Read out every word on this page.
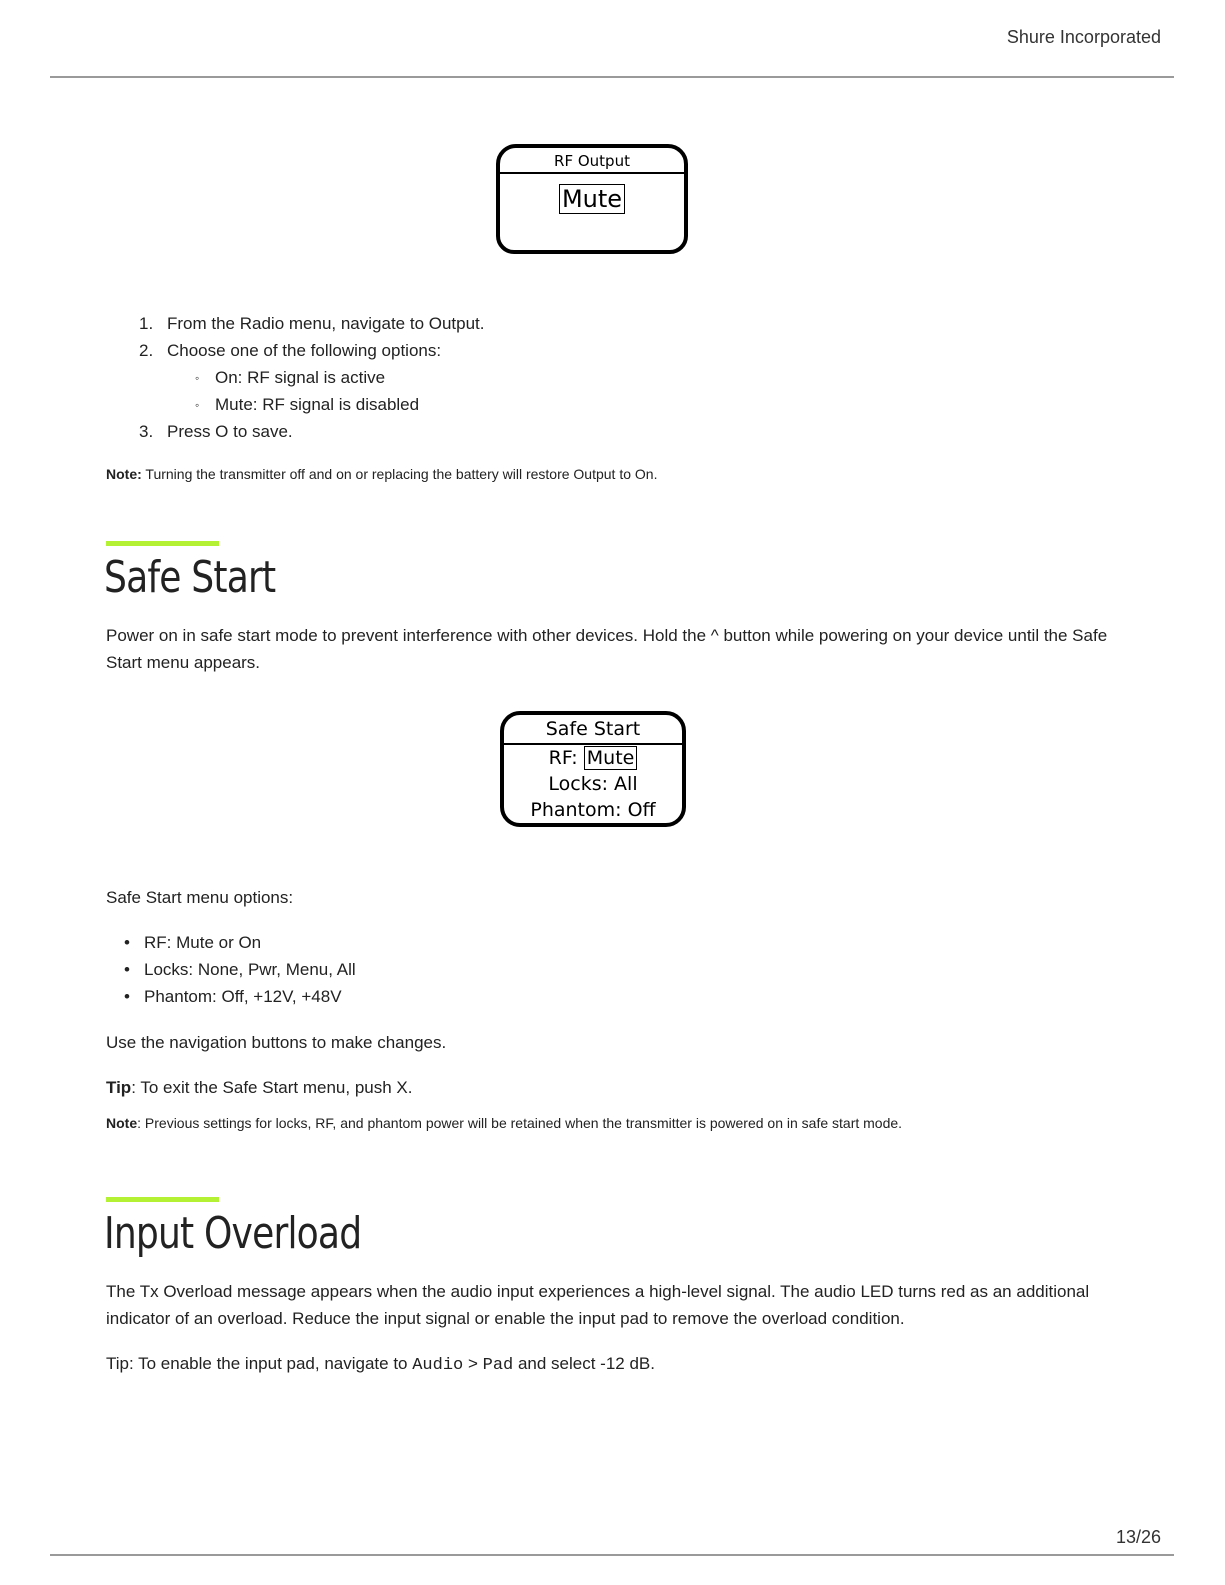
Shure Incorporated
RF Output
Mute
1. From the Radio menu, navigate to Output.
2. Choose one of the following options:
◦ On: RF signal is active
◦ Mute: RF signal is disabled
3. Press O to save.
Note: Turning the transmitter off and on or replacing the battery will restore Output to On.
Safe Start
Power on in safe start mode to prevent interference with other devices. Hold the ^ button while powering on your device until the Safe Start menu appears.
Safe Start
RF: Mute
Locks: All
Phantom: Off
Safe Start menu options:
• RF: Mute or On
• Locks: None, Pwr, Menu, All
• Phantom: Off, +12V, +48V
Use the navigation buttons to make changes.
Tip: To exit the Safe Start menu, push X.
Note: Previous settings for locks, RF, and phantom power will be retained when the transmitter is powered on in safe start mode.
Input Overload
The Tx Overload message appears when the audio input experiences a high-level signal. The audio LED turns red as an additional indicator of an overload. Reduce the input signal or enable the input pad to remove the overload condition.
Tip: To enable the input pad, navigate to Audio > Pad and select -12 dB.
13/26
